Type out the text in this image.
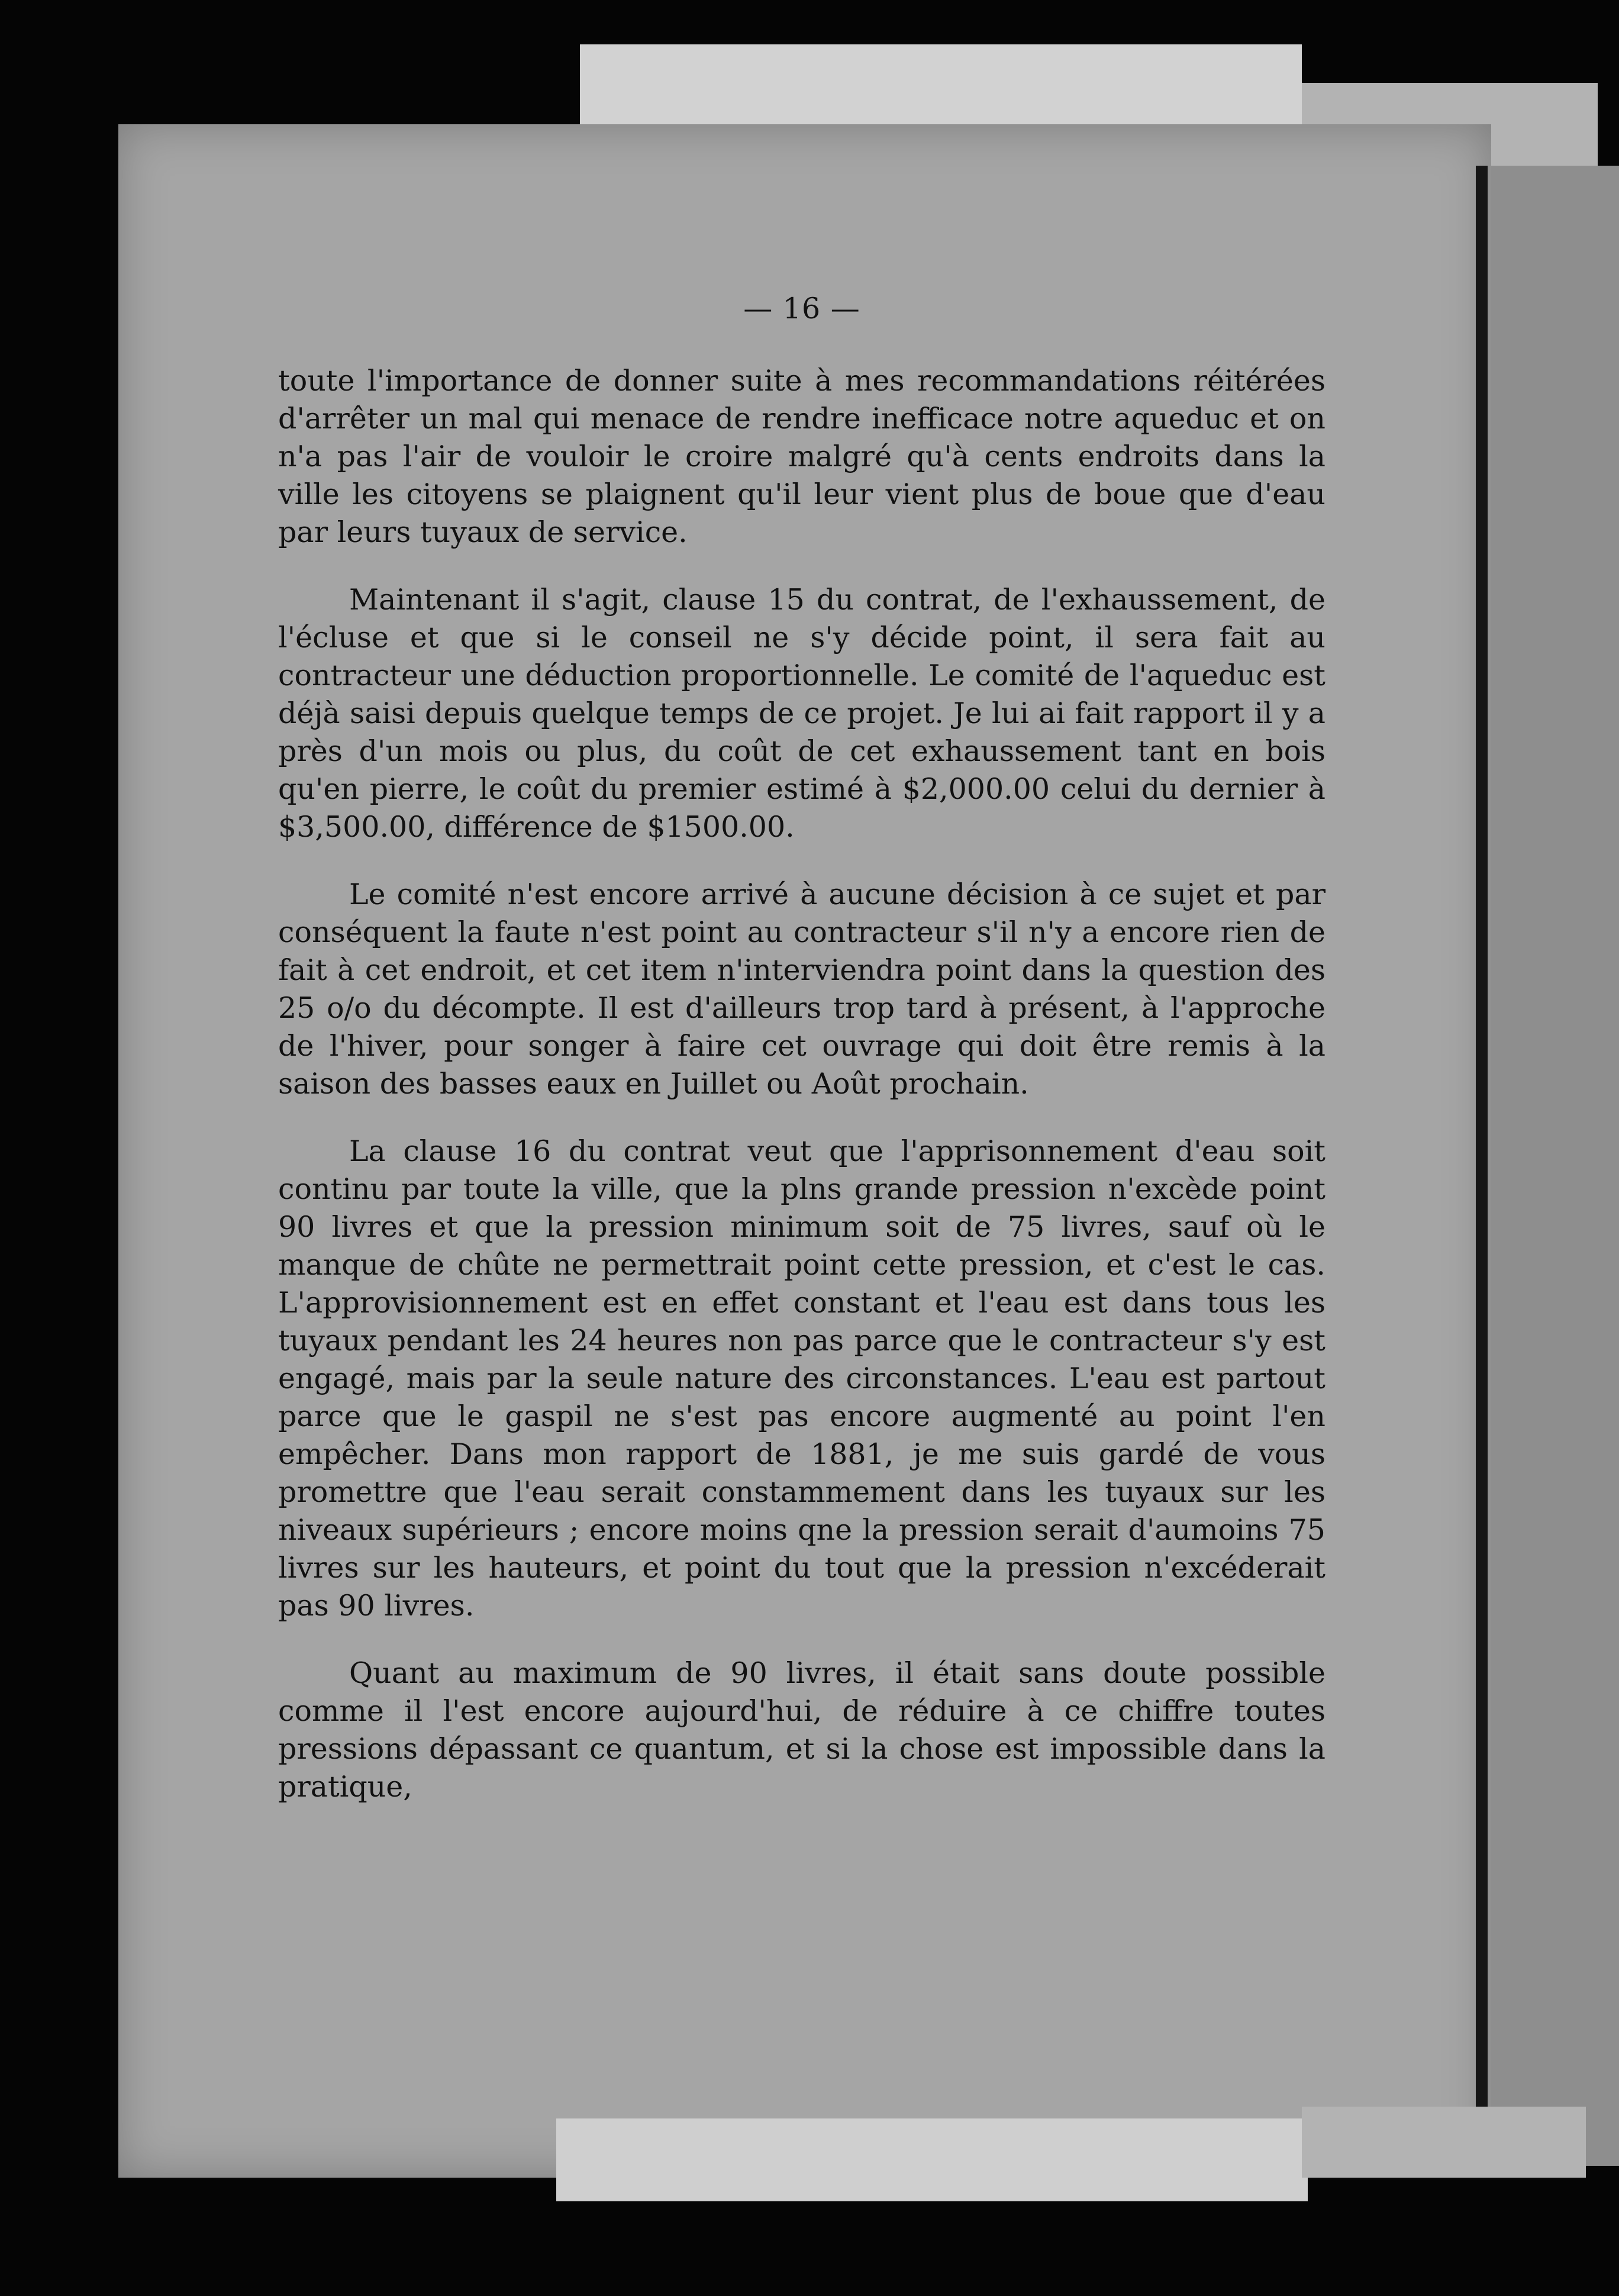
— 16 —

toute l'importance de donner suite à mes recommandations réitérées d'arrêter un mal qui menace de rendre inefficace notre aqueduc et on n'a pas l'air de vouloir le croire malgré qu'à cents endroits dans la ville les citoyens se plaignent qu'il leur vient plus de boue que d'eau par leurs tuyaux de service.

Maintenant il s'agit, clause 15 du contrat, de l'exhaussement, de l'écluse et que si le conseil ne s'y décide point, il sera fait au contracteur une déduction proportionnelle. Le comité de l'aqueduc est déjà saisi depuis quelque temps de ce projet. Je lui ai fait rapport il y a près d'un mois ou plus, du coût de cet exhaussement tant en bois qu'en pierre, le coût du premier estimé à $2,000.00 celui du dernier à $3,500.00, différence de $1500.00.

Le comité n'est encore arrivé à aucune décision à ce sujet et par conséquent la faute n'est point au contracteur s'il n'y a encore rien de fait à cet endroit, et cet item n'interviendra point dans la question des 25 o/o du décompte. Il est d'ailleurs trop tard à présent, à l'approche de l'hiver, pour songer à faire cet ouvrage qui doit être remis à la saison des basses eaux en Juillet ou Août prochain.

La clause 16 du contrat veut que l'apprisonnement d'eau soit continu par toute la ville, que la plns grande pression n'excède point 90 livres et que la pression minimum soit de 75 livres, sauf où le manque de chûte ne permettrait point cette pression, et c'est le cas. L'approvisionnement est en effet constant et l'eau est dans tous les tuyaux pendant les 24 heures non pas parce que le contracteur s'y est engagé, mais par la seule nature des circonstances. L'eau est partout parce que le gaspil ne s'est pas encore augmenté au point l'en empêcher. Dans mon rapport de 1881, je me suis gardé de vous promettre que l'eau serait constammement dans les tuyaux sur les niveaux supérieurs ; encore moins qne la pression serait d'aumoins 75 livres sur les hauteurs, et point du tout que la pression n'excéderait pas 90 livres.

Quant au maximum de 90 livres, il était sans doute possible comme il l'est encore aujourd'hui, de réduire à ce chiffre toutes pressions dépassant ce quantum, et si la chose est impossible dans la pratique,
